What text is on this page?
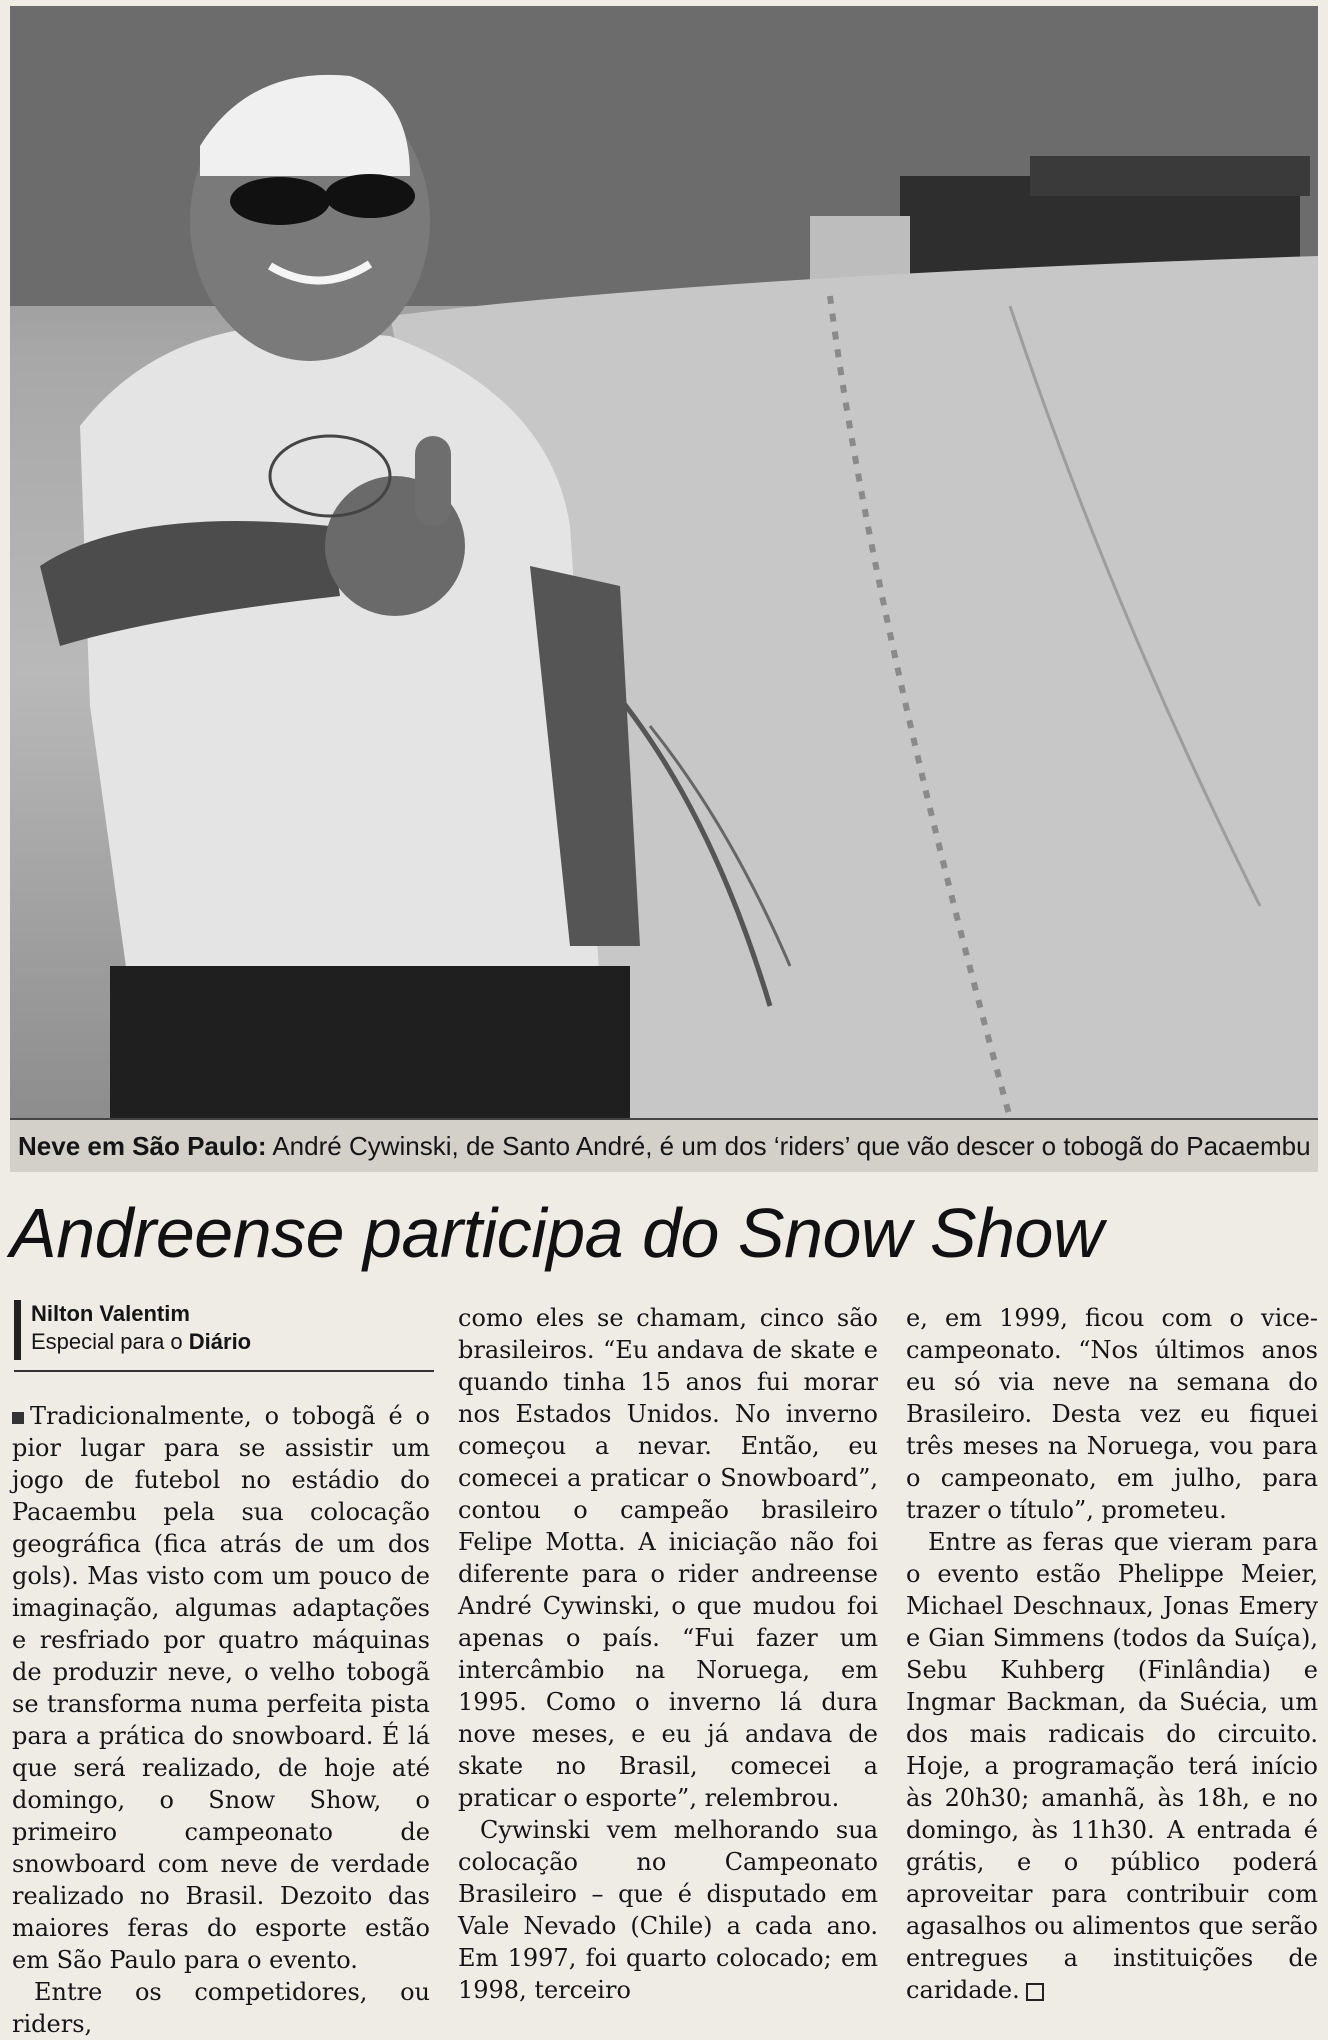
Neve em São Paulo: André Cywinski, de Santo André, é um dos ‘riders’ que vão descer o tobogã do Pacaembu
Andreense participa do Snow Show
Nilton Valentim
Especial para o Diário

Tradicionalmente, o tobogã é o pior lugar para se assistir um jogo de futebol no estádio do Pacaembu pela sua colocação geográfica (fica atrás de um dos gols). Mas visto com um pouco de imaginação, algumas adaptações e resfriado por quatro máquinas de produzir neve, o velho tobogã se transforma numa perfeita pista para a prática do snowboard. É lá que será realizado, de hoje até domingo, o Snow Show, o primeiro campeonato de snowboard com neve de verdade realizado no Brasil. Dezoito das maiores feras do esporte estão em São Paulo para o evento.

Entre os competidores, ou riders,

como eles se chamam, cinco são brasileiros. “Eu andava de skate e quando tinha 15 anos fui morar nos Estados Unidos. No inverno começou a nevar. Então, eu comecei a praticar o Snowboard”, contou o campeão brasileiro Felipe Motta. A iniciação não foi diferente para o rider andreense André Cywinski, o que mudou foi apenas o país. “Fui fazer um intercâmbio na Noruega, em 1995. Como o inverno lá dura nove meses, e eu já andava de skate no Brasil, comecei a praticar o esporte”, relembrou.

Cywinski vem melhorando sua colocação no Campeonato Brasileiro – que é disputado em Vale Nevado (Chile) a cada ano. Em 1997, foi quarto colocado; em 1998, terceiro

e, em 1999, ficou com o vice-campeonato. “Nos últimos anos eu só via neve na semana do Brasileiro. Desta vez eu fiquei três meses na Noruega, vou para o campeonato, em julho, para trazer o título”, prometeu.

Entre as feras que vieram para o evento estão Phelippe Meier, Michael Deschnaux, Jonas Emery e Gian Simmens (todos da Suíça), Sebu Kuhberg (Finlândia) e Ingmar Backman, da Suécia, um dos mais radicais do circuito. Hoje, a programação terá início às 20h30; amanhã, às 18h, e no domingo, às 11h30. A entrada é grátis, e o público poderá aproveitar para contribuir com agasalhos ou alimentos que serão entregues a instituições de caridade.
